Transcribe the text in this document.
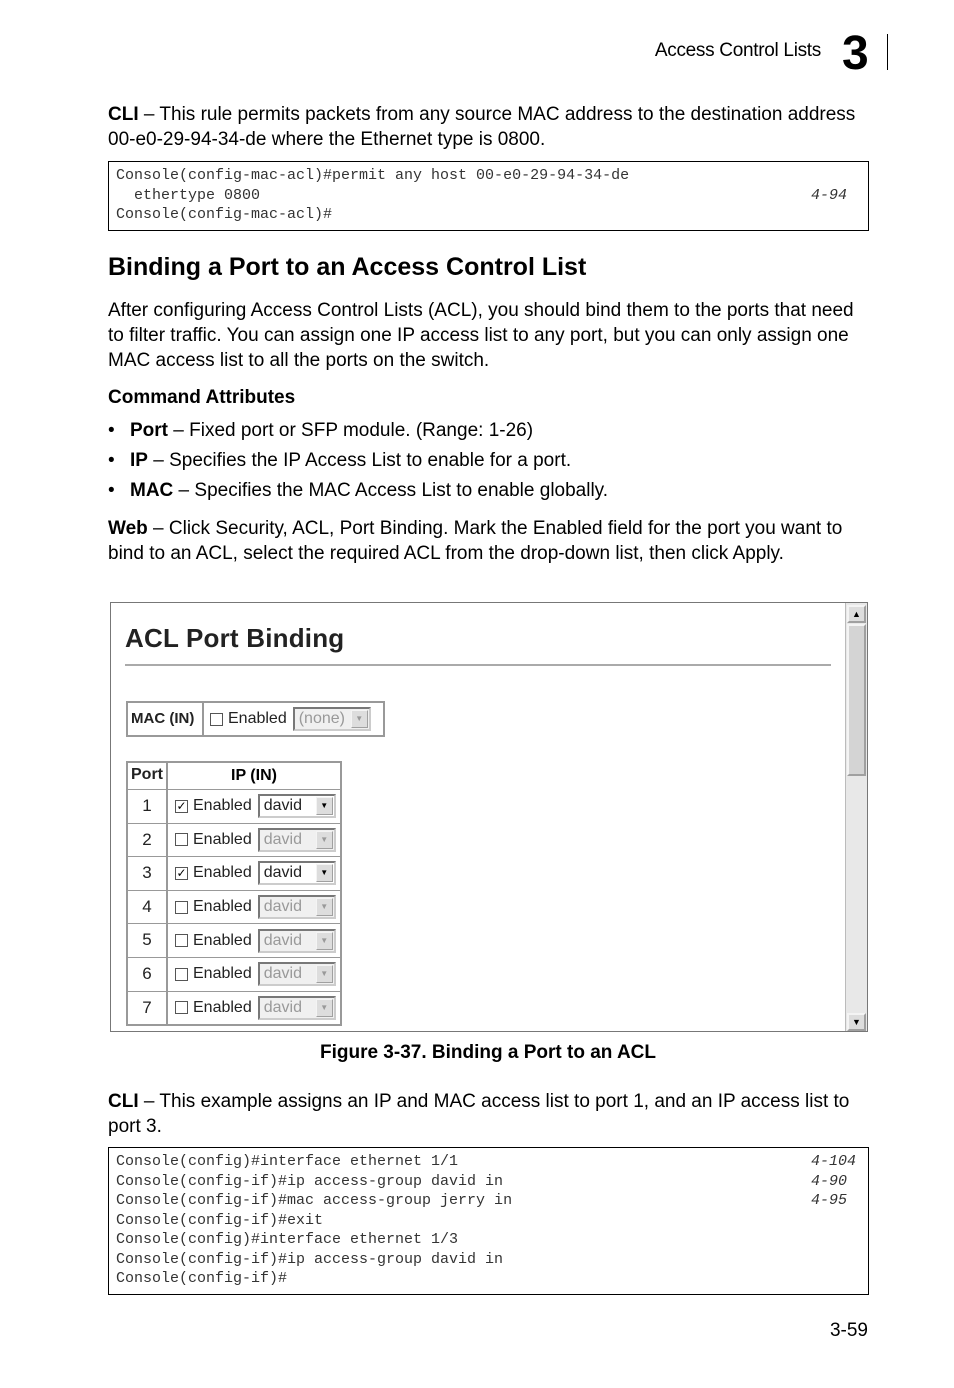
Access Control Lists 3

CLI – This rule permits packets from any source MAC address to the destination address 00-e0-29-94-34-de where the Ethernet type is 0800.

Console(config-mac-acl)#permit any host 00-e0-29-94-34-de
ethertype 0800	4-94
Console(config-mac-acl)#
Binding a Port to an Access Control List

After configuring Access Control Lists (ACL), you should bind them to the ports that need to filter traffic. You can assign one IP access list to any port, but you can only assign one MAC access list to all the ports on the switch.

Command Attributes
• Port – Fixed port or SFP module. (Range: 1-26)
• IP – Specifies the IP Access List to enable for a port.
• MAC – Specifies the MAC Access List to enable globally.

Web – Click Security, ACL, Port Binding. Mark the Enabled field for the port you want to bind to an ACL, select the required ACL from the drop-down list, then click Apply.

ACL Port Binding
MAC (IN)	Enabled (none)	▼
Port	IP (IN)
1	✓ Enabled david	▼
2	Enabled david	▼
3	✓ Enabled david	▼
4	Enabled david	▼
5	Enabled david	▼
6	Enabled david	▼
7	Enabled david	▼
▲
▼
Figure 3-37. Binding a Port to an ACL

CLI – This example assigns an IP and MAC access list to port 1, and an IP access list to port 3.

Console(config)#interface ethernet 1/1	4-104
Console(config-if)#ip access-group david in	4-90
Console(config-if)#mac access-group jerry in	4-95
Console(config-if)#exit
Console(config)#interface ethernet 1/3
Console(config-if)#ip access-group david in
Console(config-if)#
3-59
